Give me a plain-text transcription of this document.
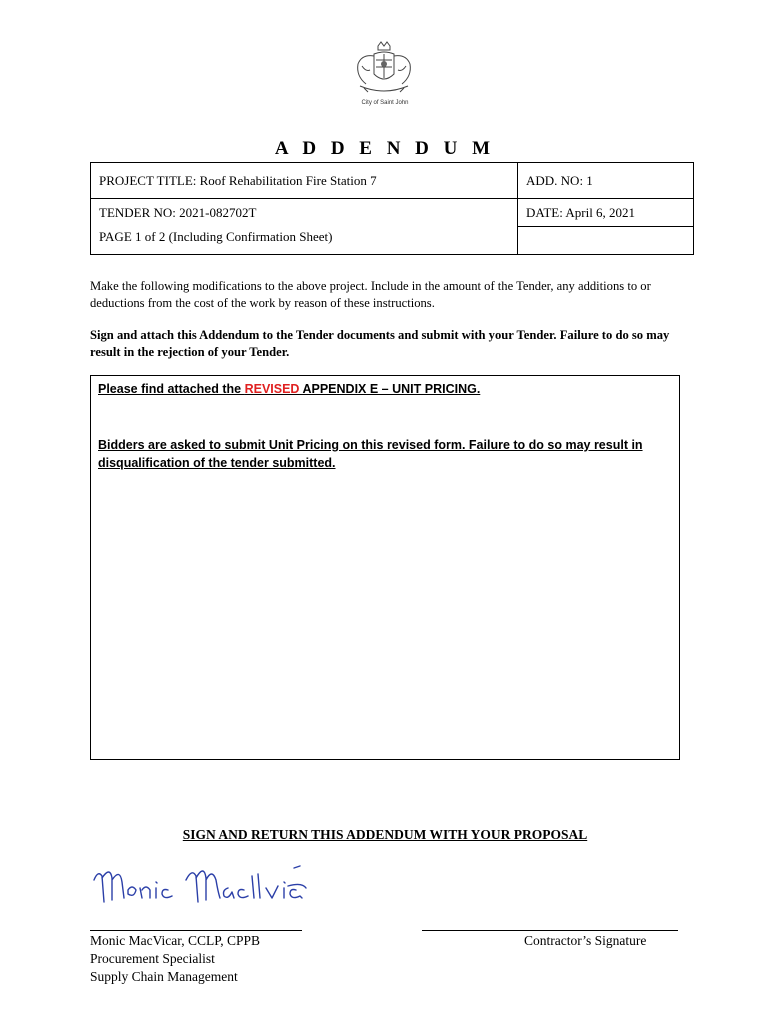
City of Saint John
A D D E N D U M
PROJECT TITLE: Roof Rehabilitation Fire Station 7	ADD. NO: 1
TENDER NO: 2021-082702T	DATE: April 6, 2021
PAGE 1 of 2 (Including Confirmation Sheet)	
Make the following modifications to the above project. Include in the amount of the Tender, any additions to or deductions from the cost of the work by reason of these instructions.
Sign and attach this Addendum to the Tender documents and submit with your Tender. Failure to do so may result in the rejection of your Tender.

Please find attached the REVISED APPENDIX E – UNIT PRICING.

Bidders are asked to submit Unit Pricing on this revised form. Failure to do so may result in disqualification of the tender submitted.

SIGN AND RETURN THIS ADDENDUM WITH YOUR PROPOSAL
Monic MacVicar, CCLP, CPPB
Procurement Specialist
Supply Chain Management
Contractor’s Signature
